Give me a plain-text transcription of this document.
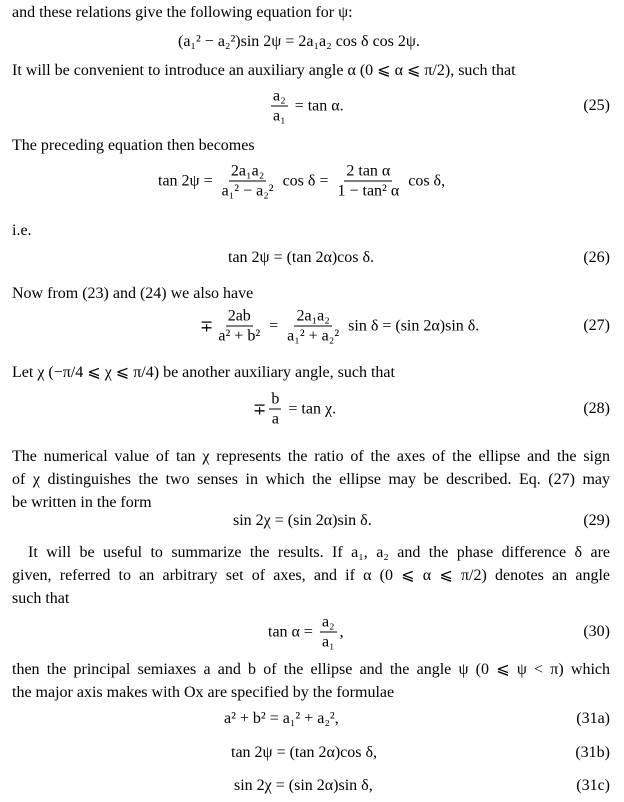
and these relations give the following equation for ψ:
(a₁² − a₂²)sin 2ψ = 2a₁a₂ cos δ cos 2ψ.
It will be convenient to introduce an auxiliary angle α (0 ⩽ α ⩽ π/2), such that
$\frac{\text{a₂}}{\text{a₁}} = \tan \alpha$.	(25)
The preceding equation then becomes
$\tan 2\psi = \frac{\text{2a₁a₂}}{\text{a₁² − a₂²}}$ $\cos \delta = \frac{\text{2 tan α}}{\text{1 − tan² α}}$ cos δ,
i.e.
tan 2ψ = (tan 2α)cos δ.	(26)
Now from (23) and (24) we also have
∓ $\frac{2ab}{\text{a² + b²}} = \frac{\text{2a₁a₂}}{\text{a₁² + a₂²}}$ sin δ = (sin 2α)sin δ.	(27)
Let χ (−π/4 ⩽ χ ⩽ π/4) be another auxiliary angle, such that
∓ $\frac{b}{a} = \tan \chi$.	(28)
The numerical value of tan χ represents the ratio of the axes of the ellipse and the sign
of χ distinguishes the two senses in which the ellipse may be described. Eq. (27) may
be written in the form
sin 2χ = (sin 2α)sin δ.	(29)
It will be useful to summarize the results. If a₁, a₂ and the phase difference δ are
given, referred to an arbitrary set of axes, and if α (0 ⩽ α ⩽ π/2) denotes an angle
such that
$\tan \alpha = \frac{\text{a₂}}{\text{a₁}}$ ,	(30)
then the principal semiaxes a and b of the ellipse and the angle ψ (0 ⩽ ψ < π) which
the major axis makes with Ox are specified by the formulae
a² + b² = a₁² + a₂²,	(31a)
tan 2ψ = (tan 2α)cos δ,	(31b)
sin 2χ = (sin 2α)sin δ,	(31c)
